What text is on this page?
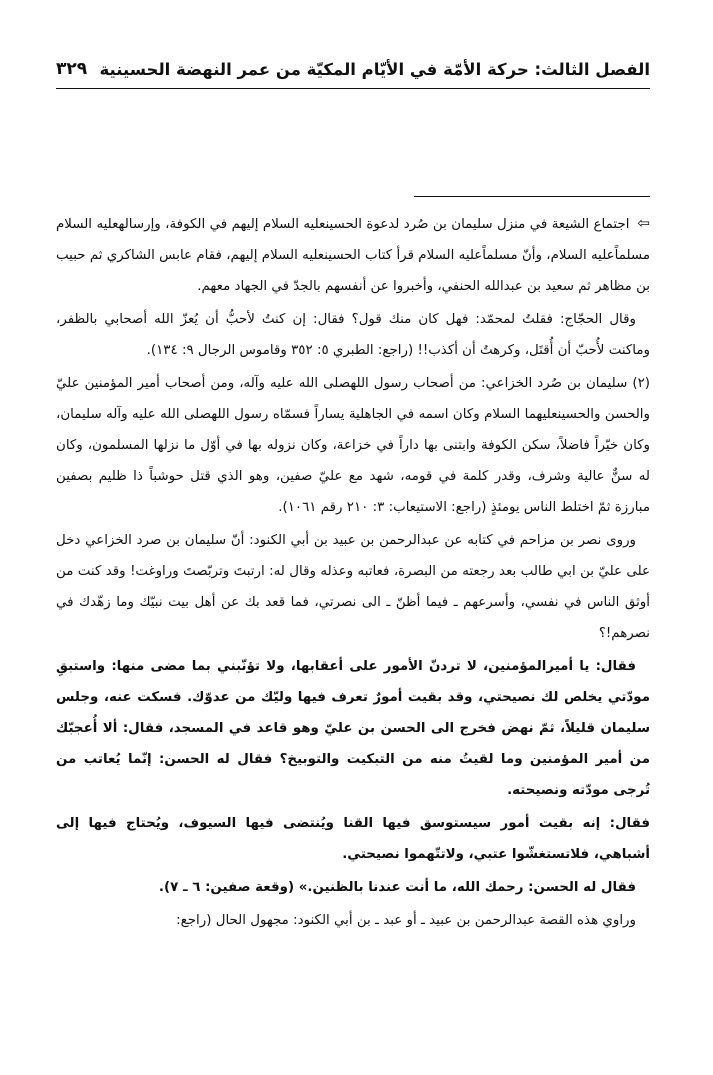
الفصل الثالث: حركة الأمّة في الأيّام المكيّة من عمر النهضة الحسينية
٣٢٩

⇦اجتماع الشيعة في منزل سليمان بن صُرد لدعوة الحسينعليه السلام إليهم في الكوفة، وإرسالهعليه السلام مسلماًعليه السلام، وأنّ مسلماًعليه السلام قرأ كتاب الحسينعليه السلام إليهم، فقام عابس الشاكري ثم حبيب بن مظاهر ثم سعيد بن عبدالله الحنفي، وأخبروا عن أنفسهم بالجدّ في الجهاد معهم.

وقال الحجّاج: فقلتُ لمحمّد: فهل كان منك قول؟ فقال: إن كنتُ لأحبُّ أن يُعزّ الله أصحابي بالظفر، وماكنت لأُحبّ أن أُقتَل، وكرهتُ أن أكذب!! (راجع: الطبري ٥: ٣٥٢ وقاموس الرجال ٩: ١٣٤).

(٢) سليمان بن صُرد الخزاعي: من أصحاب رسول اللهصلى الله عليه وآله، ومن أصحاب أمير المؤمنين عليّ والحسن والحسينعليهما السلام وكان اسمه في الجاهلية يساراً فسمّاه رسول اللهصلى الله عليه وآله سليمان، وكان خيّراً فاضلاً، سكن الكوفة وابتنى بها داراً في خزاعة، وكان نزوله بها في أوّل ما نزلها المسلمون، وكان له سنٌّ عالية وشرف، وقدر كلمة في قومه، شهد مع عليّ صفين، وهو الذي قتل حوشباً ذا ظليم بصفين مبارزة ثمّ اختلط الناس يومئذٍ (راجع: الاستيعاب: ٣: ٢١٠ رقم ١٠٦١).

وروى نصر بن مزاحم في كتابه عن عبدالرحمن بن عبيد بن أبي الكنود: أنّ سليمان بن صرد الخزاعي دخل على عليّ بن ابي طالب بعد رجعته من البصرة، فعاتبه وعذله وقال له: ارتبتَ وتربّصتَ وراوغت! وقد كنت من أوثق الناس في نفسي، وأسرعهم ـ فيما أظنّ ـ الى نصرتي، فما قعد بك عن أهل بيت نبيّك وما زهّدك في نصرهم!؟

فقال: يا أميرالمؤمنين، لا تردنّ الأمور على أعقابها، ولا تؤنّبني بما مضى منها: واستبقِ مودّتي يخلص لك نصيحتي، وقد بقيت أمورٌ تعرف فيها وليّك من عدوّك. فسكت عنه، وجلس سليمان قليلاً، ثمّ نهض فخرج الى الحسن بن عليّ وهو قاعد في المسجد، فقال: ألا أُعجبّك من أمير المؤمنين وما لقيتُ منه من التبكيت والتوبيخ؟ فقال له الحسن: إنّما يُعاتب من تُرجى مودّته ونصيحته.

فقال: إنه بقيت أمور سيستوسق فيها القنا ويُنتضى فيها السيوف، ويُحتاج فيها إلى أشباهي، فلاتستغشّوا عتبي، ولاتتّهموا نصيحتي.

فقال له الحسن: رحمك الله، ما أنت عندنا بالظنين.» (وقعة صفين: ٦ ـ ٧).

وراوي هذه القصة عبدالرحمن بن عبيد ـ أو عبد ـ بن أبي الكنود: مجهول الحال (راجع:
